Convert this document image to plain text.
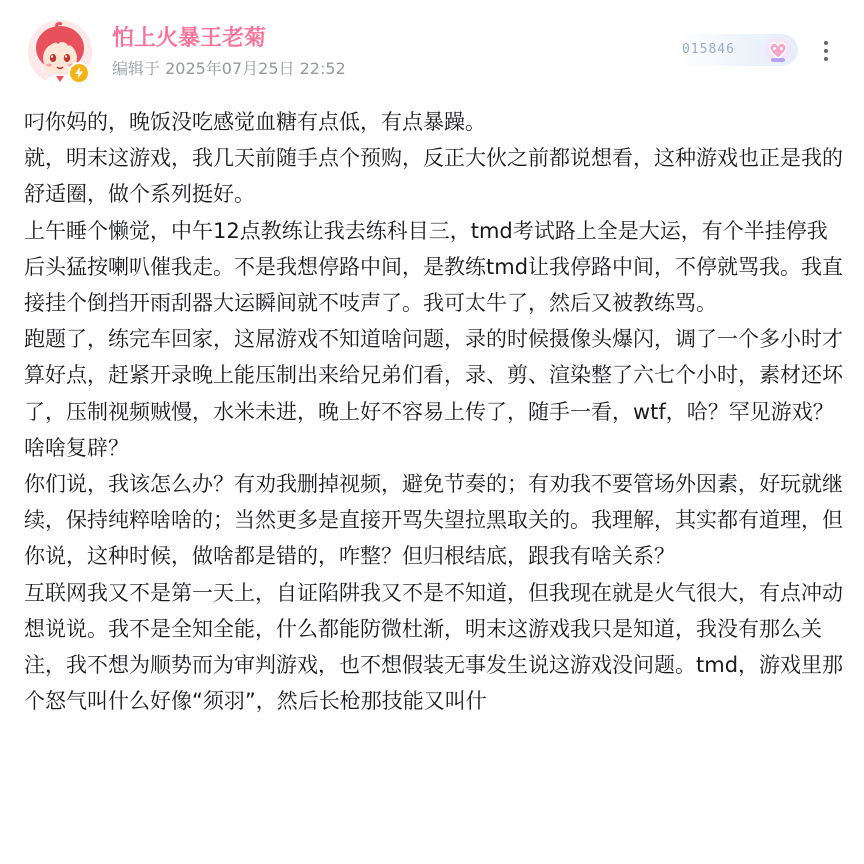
怕上火暴王老菊
编辑于 2025年07月25日 22:52
015846

叼你妈的，晚饭没吃感觉血糖有点低，有点暴躁。

就，明末这游戏，我几天前随手点个预购，反正大伙之前都说想看，这种游戏也正是我的舒适圈，做个系列挺好。

上午睡个懒觉，中午12点教练让我去练科目三，tmd考试路上全是大运，有个半挂停我后头猛按喇叭催我走。不是我想停路中间，是教练tmd让我停路中间，不停就骂我。我直接挂个倒挡开雨刮器大运瞬间就不吱声了。我可太牛了，然后又被教练骂。

跑题了，练完车回家，这屌游戏不知道啥问题，录的时候摄像头爆闪，调了一个多小时才算好点，赶紧开录晚上能压制出来给兄弟们看，录、剪、渲染整了六七个小时，素材还坏了，压制视频贼慢，水米未进，晚上好不容易上传了，随手一看，wtf，哈？罕见游戏？啥啥复辟？

你们说，我该怎么办？有劝我删掉视频，避免节奏的；有劝我不要管场外因素，好玩就继续，保持纯粹啥啥的；当然更多是直接开骂失望拉黑取关的。我理解，其实都有道理，但你说，这种时候，做啥都是错的，咋整？但归根结底，跟我有啥关系？

互联网我又不是第一天上，自证陷阱我又不是不知道，但我现在就是火气很大，有点冲动想说说。我不是全知全能，什么都能防微杜渐，明末这游戏我只是知道，我没有那么关注，我不想为顺势而为审判游戏，也不想假装无事发生说这游戏没问题。tmd，游戏里那个怒气叫什么好像“须羽”，然后长枪那技能又叫什
